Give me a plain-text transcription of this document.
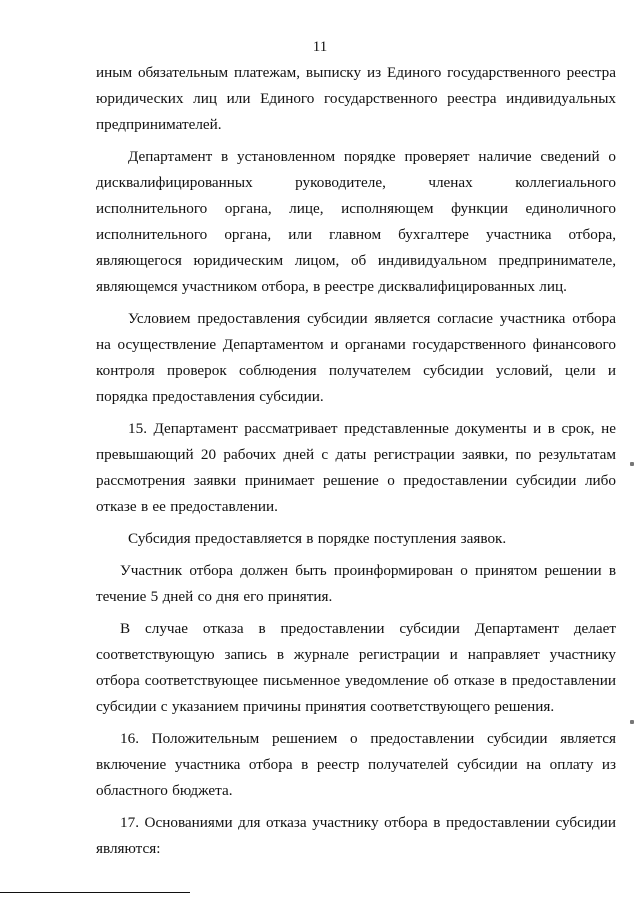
11

иным обязательным платежам, выписку из Единого государственного реестра юридических лиц или Единого государственного реестра индивидуальных предпринимателей.

Департамент в установленном порядке проверяет наличие сведений о дисквалифицированных руководителе, членах коллегиального исполнительного органа, лице, исполняющем функции единоличного исполнительного органа, или главном бухгалтере участника отбора, являющегося юридическим лицом, об индивидуальном предпринимателе, являющемся участником отбора, в реестре дисквалифицированных лиц.

Условием предоставления субсидии является согласие участника отбора на осуществление Департаментом и органами государственного финансового контроля проверок соблюдения получателем субсидии условий, цели и порядка предоставления субсидии.

15. Департамент рассматривает представленные документы и в срок, не превышающий 20 рабочих дней с даты регистрации заявки, по результатам рассмотрения заявки принимает решение о предоставлении субсидии либо отказе в ее предоставлении.

Субсидия предоставляется в порядке поступления заявок.

Участник отбора должен быть проинформирован о принятом решении в течение 5 дней со дня его принятия.

В случае отказа в предоставлении субсидии Департамент делает соответствующую запись в журнале регистрации и направляет участнику отбора соответствующее письменное уведомление об отказе в предоставлении субсидии с указанием причины принятия соответствующего решения.

16. Положительным решением о предоставлении субсидии является включение участника отбора в реестр получателей субсидии на оплату из областного бюджета.

17. Основаниями для отказа участнику отбора в предоставлении субсидии являются:
